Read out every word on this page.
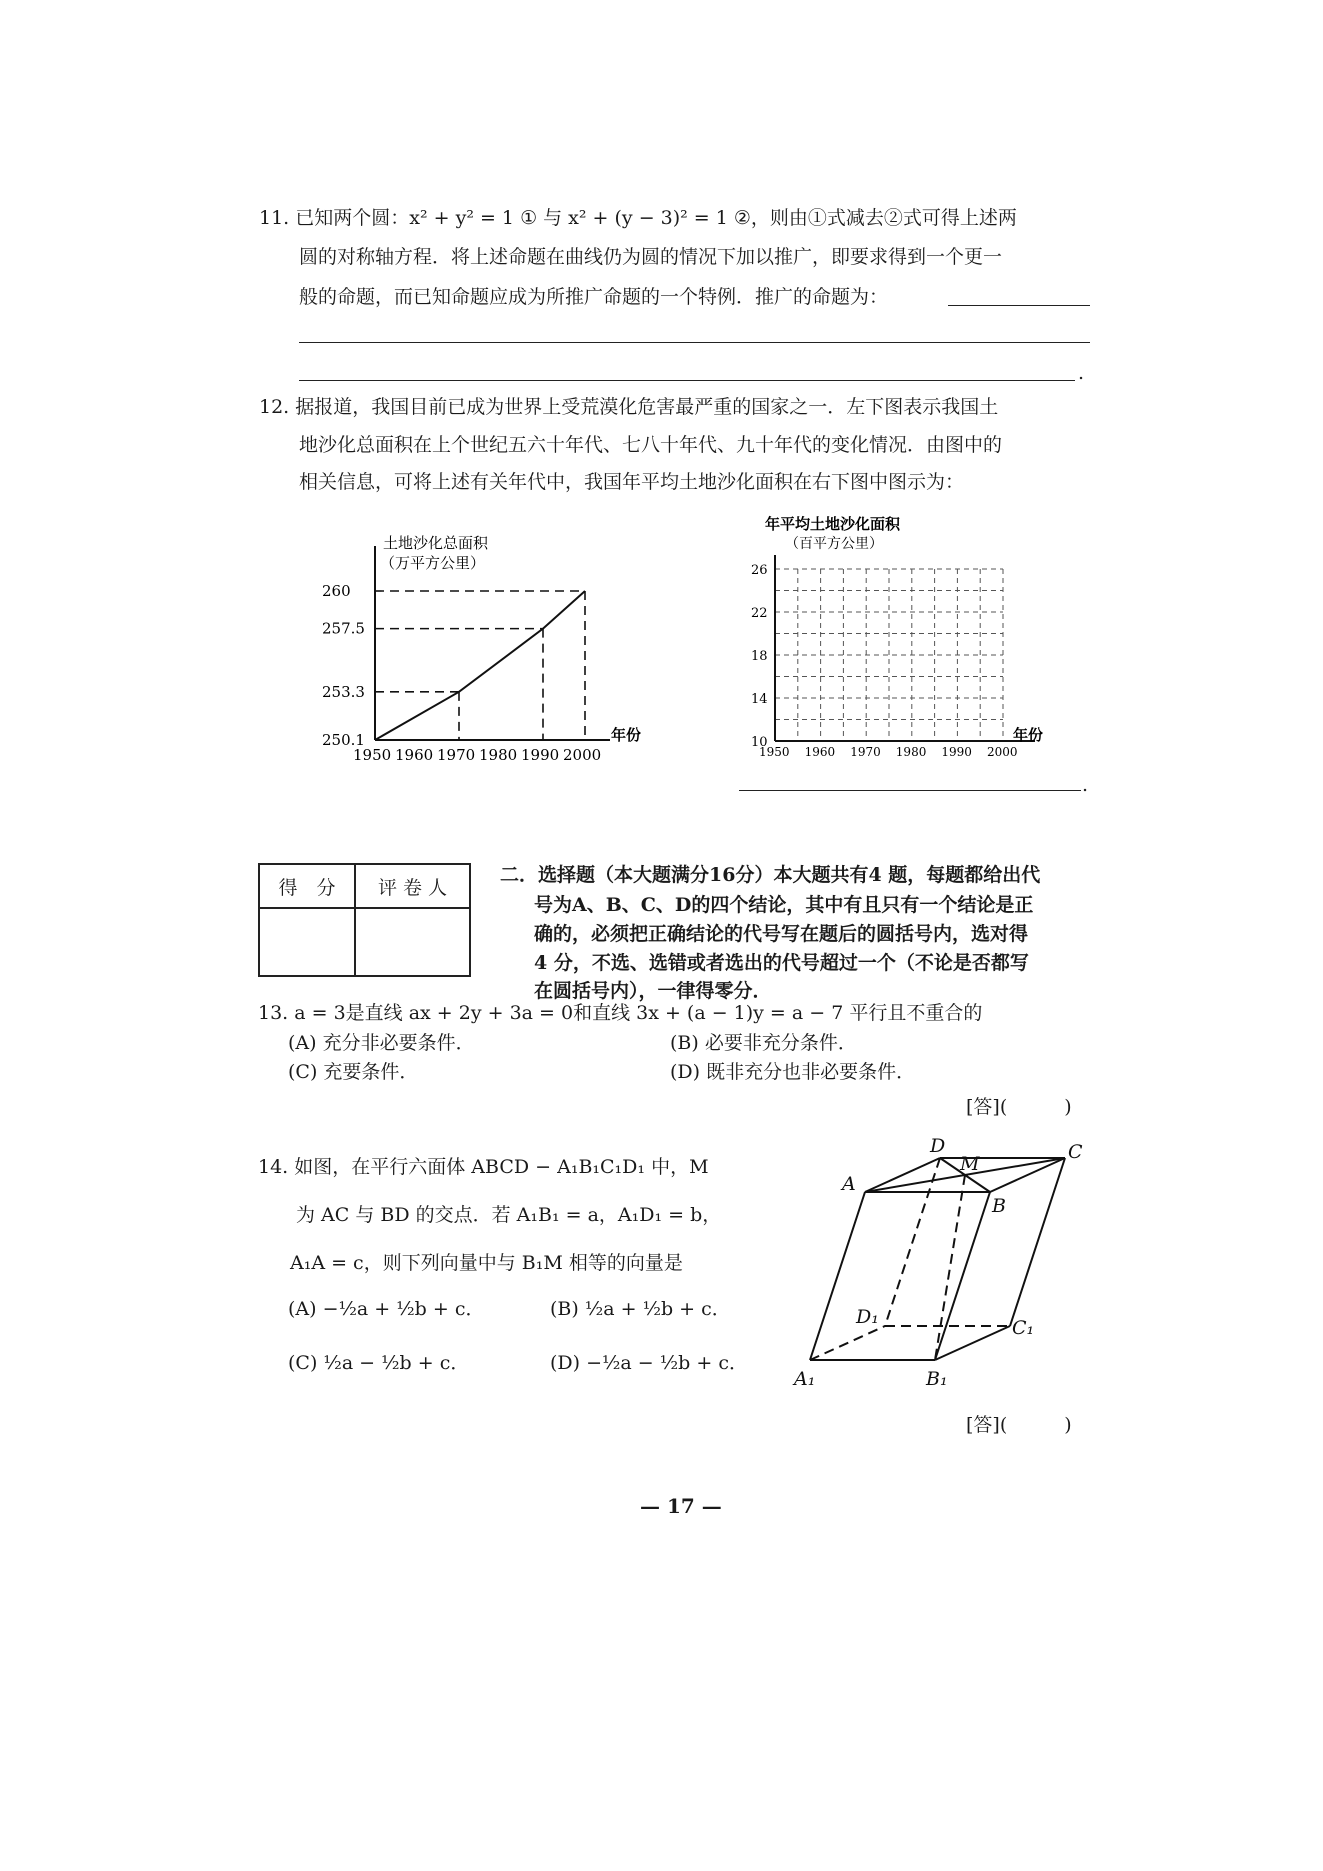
11. 已知两个圆：x² + y² = 1 ① 与 x² + (y − 3)² = 1 ②，则由①式减去②式可得上述两
圆的对称轴方程．将上述命题在曲线仍为圆的情况下加以推广，即要求得到一个更一
般的命题，而已知命题应成为所推广命题的一个特例．推广的命题为：
.
12. 据报道，我国目前已成为世界上受荒漠化危害最严重的国家之一．左下图表示我国土
地沙化总面积在上个世纪五六十年代、七八十年代、九十年代的变化情况．由图中的
相关信息，可将上述有关年代中，我国年平均土地沙化面积在右下图中图示为：
1950 1960 1970 1980 1990 2000
250.1
253.3
257.5
260
土地沙化总面积
（万平方公里）
年份
1950 1960 1970 1980 1990 2000
10
14
18
22
26
年平均土地沙化面积
（百平方公里）
年份
.
得　分	评 卷 人

二．选择题（本大题满分16分）本大题共有4 题，每题都给出代
号为A、B、C、D的四个结论，其中有且只有一个结论是正
确的，必须把正确结论的代号写在题后的圆括号内，选对得
4 分，不选、选错或者选出的代号超过一个（不论是否都写
在圆括号内），一律得零分．
13. a = 3是直线 ax + 2y + 3a = 0和直线 3x + (a − 1)y = a − 7 平行且不重合的
(A) 充分非必要条件．	(B) 必要非充分条件．
(C) 充要条件．	(D) 既非充分也非必要条件．
[答](　　　)
14. 如图，在平行六面体 ABCD − A₁B₁C₁D₁ 中，M
为 AC 与 BD 的交点．若 A₁B₁ = a，A₁D₁ = b，
A₁A = c，则下列向量中与 B₁M 相等的向量是
(A) −½a + ½b + c．	(B) ½a + ½b + c．
(C) ½a − ½b + c．	(D) −½a − ½b + c．
[答](　　　)
A
B
C
D
M
A₁	B₁
C₁
D₁
— 17 —
